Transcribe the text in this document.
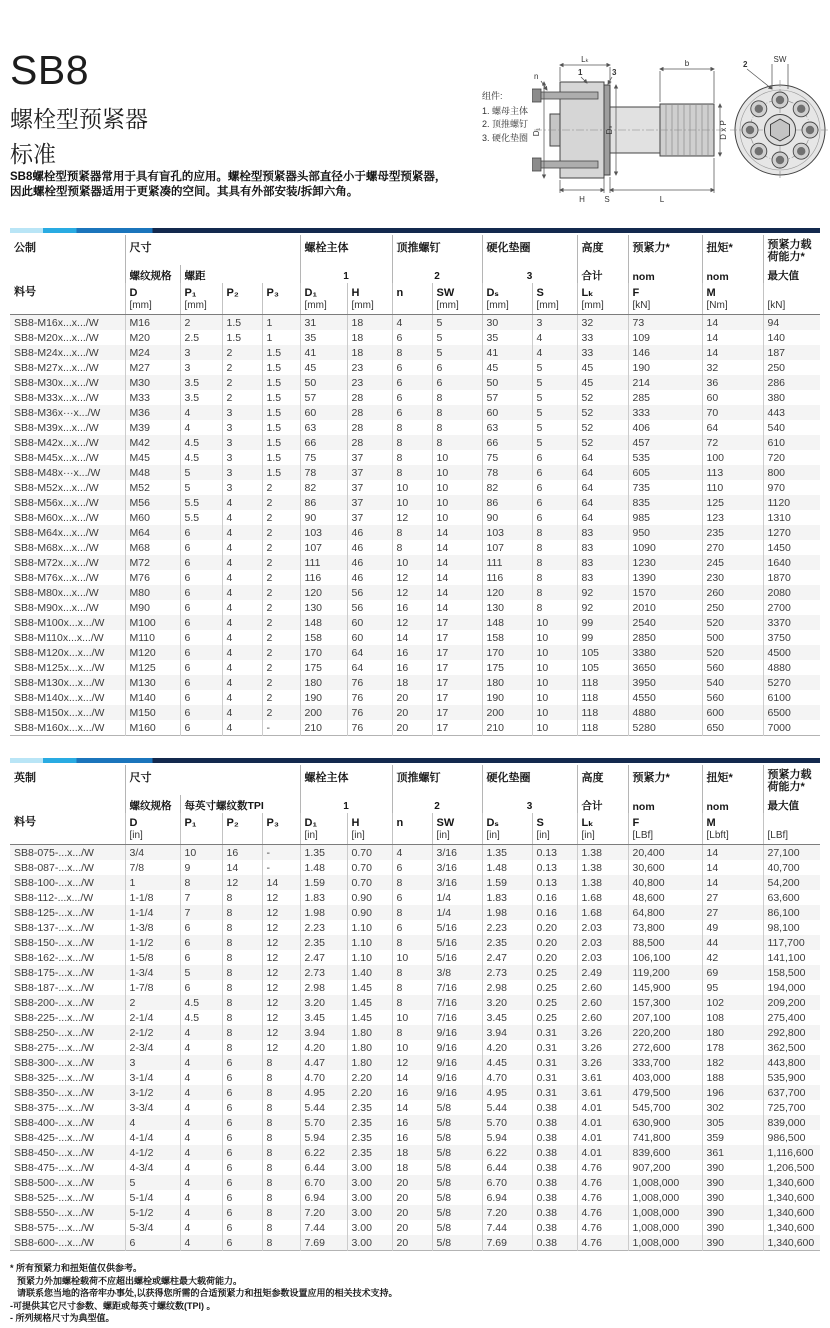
SB8
螺栓型预紧器
标准
SB8螺栓型预紧器常用于具有盲孔的应用。螺栓型预紧器头部直径小于螺母型预紧器，
因此螺栓型预紧器适用于更紧凑的空间。其具有外部安装/拆卸六角。
组件:
1. 螺母主体
2. 顶推螺钉
3. 硬化垫圈
Lₖ	b
n	1	3
D₁	Dₛ	D x P
H S	L
2
SW
公制	尺寸				螺栓主体		顶推螺钉		硬化垫圈		高度	预紧力*	扭矩*	预紧力载荷能力*
	螺纹规格	螺距			1		2		3		合计	nom	nom	最大值
料号	D	P₁	P₂	P₃	D₁	H	n	SW	Dₛ	S	Lₖ	F	M	
	[mm]	[mm]			[mm]	[mm]		[mm]	[mm]	[mm]	[mm]	[kN]	[Nm]	[kN]
SB8-M16x...x.../W	M16	2	1.5	1	31	18	4	5	30	3	32	73	14	94
SB8-M20x...x.../W	M20	2.5	1.5	1	35	18	6	5	35	4	33	109	14	140
SB8-M24x...x.../W	M24	3	2	1.5	41	18	8	5	41	4	33	146	14	187
SB8-M27x...x.../W	M27	3	2	1.5	45	23	6	6	45	5	45	190	32	250
SB8-M30x...x.../W	M30	3.5	2	1.5	50	23	6	6	50	5	45	214	36	286
SB8-M33x...x.../W	M33	3.5	2	1.5	57	28	6	8	57	5	52	285	60	380
SB8-M36x···x.../W	M36	4	3	1.5	60	28	6	8	60	5	52	333	70	443
SB8-M39x...x.../W	M39	4	3	1.5	63	28	8	8	63	5	52	406	64	540
SB8-M42x...x.../W	M42	4.5	3	1.5	66	28	8	8	66	5	52	457	72	610
SB8-M45x...x.../W	M45	4.5	3	1.5	75	37	8	10	75	6	64	535	100	720
SB8-M48x···x.../W	M48	5	3	1.5	78	37	8	10	78	6	64	605	113	800
SB8-M52x...x.../W	M52	5	3	2	82	37	10	10	82	6	64	735	110	970
SB8-M56x...x.../W	M56	5.5	4	2	86	37	10	10	86	6	64	835	125	1120
SB8-M60x...x.../W	M60	5.5	4	2	90	37	12	10	90	6	64	985	123	1310
SB8-M64x...x.../W	M64	6	4	2	103	46	8	14	103	8	83	950	235	1270
SB8-M68x...x.../W	M68	6	4	2	107	46	8	14	107	8	83	1090	270	1450
SB8-M72x...x.../W	M72	6	4	2	111	46	10	14	111	8	83	1230	245	1640
SB8-M76x...x.../W	M76	6	4	2	116	46	12	14	116	8	83	1390	230	1870
SB8-M80x...x.../W	M80	6	4	2	120	56	12	14	120	8	92	1570	260	2080
SB8-M90x...x.../W	M90	6	4	2	130	56	16	14	130	8	92	2010	250	2700
SB8-M100x...x.../W	M100	6	4	2	148	60	12	17	148	10	99	2540	520	3370
SB8-M110x...x.../W	M110	6	4	2	158	60	14	17	158	10	99	2850	500	3750
SB8-M120x...x.../W	M120	6	4	2	170	64	16	17	170	10	105	3380	520	4500
SB8-M125x...x.../W	M125	6	4	2	175	64	16	17	175	10	105	3650	560	4880
SB8-M130x...x.../W	M130	6	4	2	180	76	18	17	180	10	118	3950	540	5270
SB8-M140x...x.../W	M140	6	4	2	190	76	20	17	190	10	118	4550	560	6100
SB8-M150x...x.../W	M150	6	4	2	200	76	20	17	200	10	118	4880	600	6500
SB8-M160x...x.../W	M160	6	4	-	210	76	20	17	210	10	118	5280	650	7000
英制	尺寸				螺栓主体		顶推螺钉		硬化垫圈		高度	预紧力*	扭矩*	预紧力载荷能力*
	螺纹规格	每英寸螺纹数TPI			1		2		3		合计	nom	nom	最大值
料号	D	P₁	P₂	P₃	D₁	H	n	SW	Dₛ	S	Lₖ	F	M	
	[in]				[in]	[in]		[in]	[in]	[in]	[in]	[LBf]	[Lbft]	[LBf]
SB8-075-...x.../W	3/4	10	16	-	1.35	0.70	4	3/16	1.35	0.13	1.38	20,400	14	27,100
SB8-087-...x.../W	7/8	9	14	-	1.48	0.70	6	3/16	1.48	0.13	1.38	30,600	14	40,700
SB8-100-...x.../W	1	8	12	14	1.59	0.70	8	3/16	1.59	0.13	1.38	40,800	14	54,200
SB8-112-...x.../W	1-1/8	7	8	12	1.83	0.90	6	1/4	1.83	0.16	1.68	48,600	27	63,600
SB8-125-...x.../W	1-1/4	7	8	12	1.98	0.90	8	1/4	1.98	0.16	1.68	64,800	27	86,100
SB8-137-...x.../W	1-3/8	6	8	12	2.23	1.10	6	5/16	2.23	0.20	2.03	73,800	49	98,100
SB8-150-...x.../W	1-1/2	6	8	12	2.35	1.10	8	5/16	2.35	0.20	2.03	88,500	44	117,700
SB8-162-...x.../W	1-5/8	6	8	12	2.47	1.10	10	5/16	2.47	0.20	2.03	106,100	42	141,100
SB8-175-...x.../W	1-3/4	5	8	12	2.73	1.40	8	3/8	2.73	0.25	2.49	119,200	69	158,500
SB8-187-...x.../W	1-7/8	6	8	12	2.98	1.45	8	7/16	2.98	0.25	2.60	145,900	95	194,000
SB8-200-...x.../W	2	4.5	8	12	3.20	1.45	8	7/16	3.20	0.25	2.60	157,300	102	209,200
SB8-225-...x.../W	2-1/4	4.5	8	12	3.45	1.45	10	7/16	3.45	0.25	2.60	207,100	108	275,400
SB8-250-...x.../W	2-1/2	4	8	12	3.94	1.80	8	9/16	3.94	0.31	3.26	220,200	180	292,800
SB8-275-...x.../W	2-3/4	4	8	12	4.20	1.80	10	9/16	4.20	0.31	3.26	272,600	178	362,500
SB8-300-...x.../W	3	4	6	8	4.47	1.80	12	9/16	4.45	0.31	3.26	333,700	182	443,800
SB8-325-...x.../W	3-1/4	4	6	8	4.70	2.20	14	9/16	4.70	0.31	3.61	403,000	188	535,900
SB8-350-...x.../W	3-1/2	4	6	8	4.95	2.20	16	9/16	4.95	0.31	3.61	479,500	196	637,700
SB8-375-...x.../W	3-3/4	4	6	8	5.44	2.35	14	5/8	5.44	0.38	4.01	545,700	302	725,700
SB8-400-...x.../W	4	4	6	8	5.70	2.35	16	5/8	5.70	0.38	4.01	630,900	305	839,000
SB8-425-...x.../W	4-1/4	4	6	8	5.94	2.35	16	5/8	5.94	0.38	4.01	741,800	359	986,500
SB8-450-...x.../W	4-1/2	4	6	8	6.22	2.35	18	5/8	6.22	0.38	4.01	839,600	361	1,116,600
SB8-475-...x.../W	4-3/4	4	6	8	6.44	3.00	18	5/8	6.44	0.38	4.76	907,200	390	1,206,500
SB8-500-...x.../W	5	4	6	8	6.70	3.00	20	5/8	6.70	0.38	4.76	1,008,000	390	1,340,600
SB8-525-...x.../W	5-1/4	4	6	8	6.94	3.00	20	5/8	6.94	0.38	4.76	1,008,000	390	1,340,600
SB8-550-...x.../W	5-1/2	4	6	8	7.20	3.00	20	5/8	7.20	0.38	4.76	1,008,000	390	1,340,600
SB8-575-...x.../W	5-3/4	4	6	8	7.44	3.00	20	5/8	7.44	0.38	4.76	1,008,000	390	1,340,600
SB8-600-...x.../W	6	4	6	8	7.69	3.00	20	5/8	7.69	0.38	4.76	1,008,000	390	1,340,600
* 所有预紧力和扭矩值仅供参考。
预紧力外加螺栓载荷不应超出螺栓或螺柱最大载荷能力。
请联系您当地的洛帝牢办事处,以获得您所需的合适预紧力和扭矩参数设置应用的相关技术支持。
-可提供其它尺寸参数、螺距或每英寸螺纹数(TPI) 。
- 所列规格尺寸为典型值。
